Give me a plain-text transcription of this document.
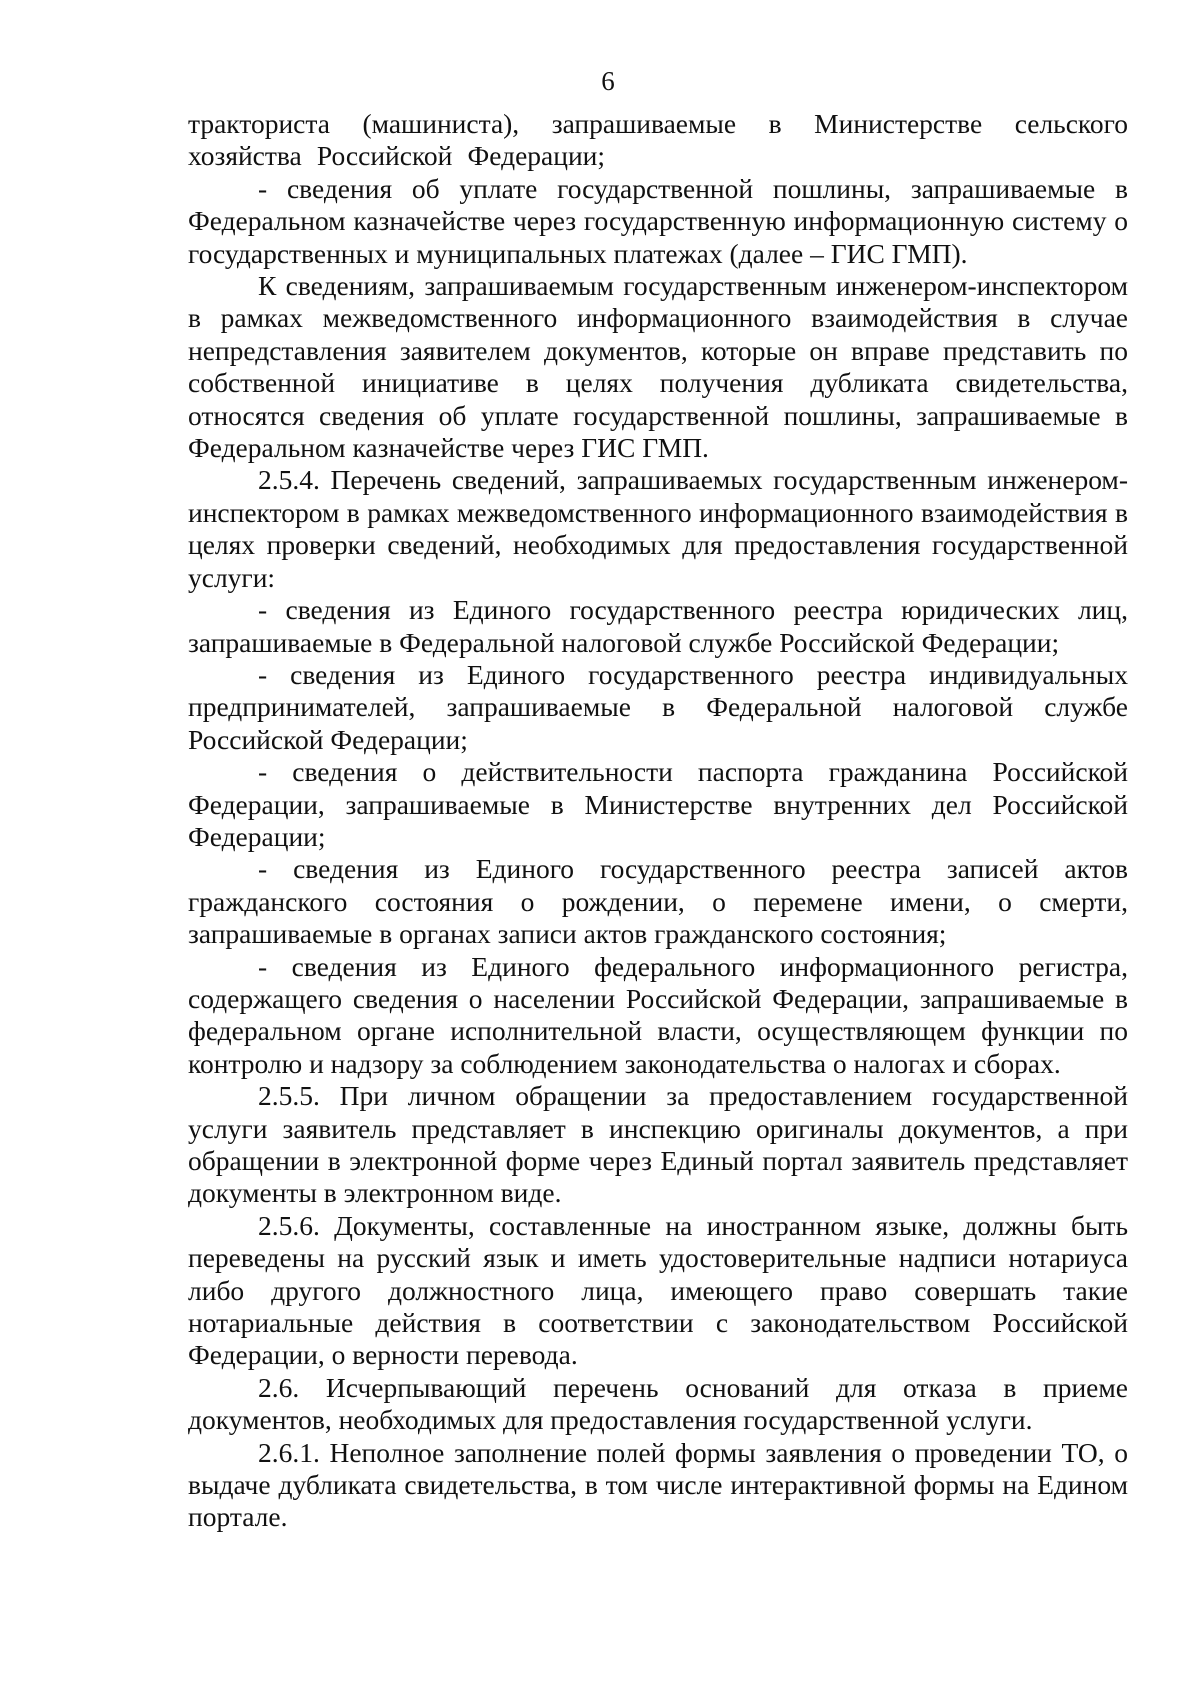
6

тракториста (машиниста), запрашиваемые в Министерстве сельского хозяйства Российской Федерации;

- сведения об уплате государственной пошлины, запрашиваемые в Федеральном казначействе через государственную информационную систему о государственных и муниципальных платежах (далее – ГИС ГМП).

К сведениям, запрашиваемым государственным инженером-инспектором в рамках межведомственного информационного взаимодействия в случае непредставления заявителем документов, которые он вправе представить по собственной инициативе в целях получения дубликата свидетельства, относятся сведения об уплате государственной пошлины, запрашиваемые в Федеральном казначействе через ГИС ГМП.

2.5.4. Перечень сведений, запрашиваемых государственным инженером-инспектором в рамках межведомственного информационного взаимодействия в целях проверки сведений, необходимых для предоставления государственной услуги:

- сведения из Единого государственного реестра юридических лиц, запрашиваемые в Федеральной налоговой службе Российской Федерации;

- сведения из Единого государственного реестра индивидуальных предпринимателей, запрашиваемые в Федеральной налоговой службе Российской Федерации;

- сведения о действительности паспорта гражданина Российской Федерации, запрашиваемые в Министерстве внутренних дел Российской Федерации;

- сведения из Единого государственного реестра записей актов гражданского состояния о рождении, о перемене имени, о смерти, запрашиваемые в органах записи актов гражданского состояния;

- сведения из Единого федерального информационного регистра, содержащего сведения о населении Российской Федерации, запрашиваемые в федеральном органе исполнительной власти, осуществляющем функции по контролю и надзору за соблюдением законодательства о налогах и сборах.

2.5.5. При личном обращении за предоставлением государственной услуги заявитель представляет в инспекцию оригиналы документов, а при обращении в электронной форме через Единый портал заявитель представляет документы в электронном виде.

2.5.6. Документы, составленные на иностранном языке, должны быть переведены на русский язык и иметь удостоверительные надписи нотариуса либо другого должностного лица, имеющего право совершать такие нотариальные действия в соответствии с законодательством Российской Федерации, о верности перевода.

2.6. Исчерпывающий перечень оснований для отказа в приеме документов, необходимых для предоставления государственной услуги.

2.6.1. Неполное заполнение полей формы заявления о проведении ТО, о выдаче дубликата свидетельства, в том числе интерактивной формы на Едином портале.
